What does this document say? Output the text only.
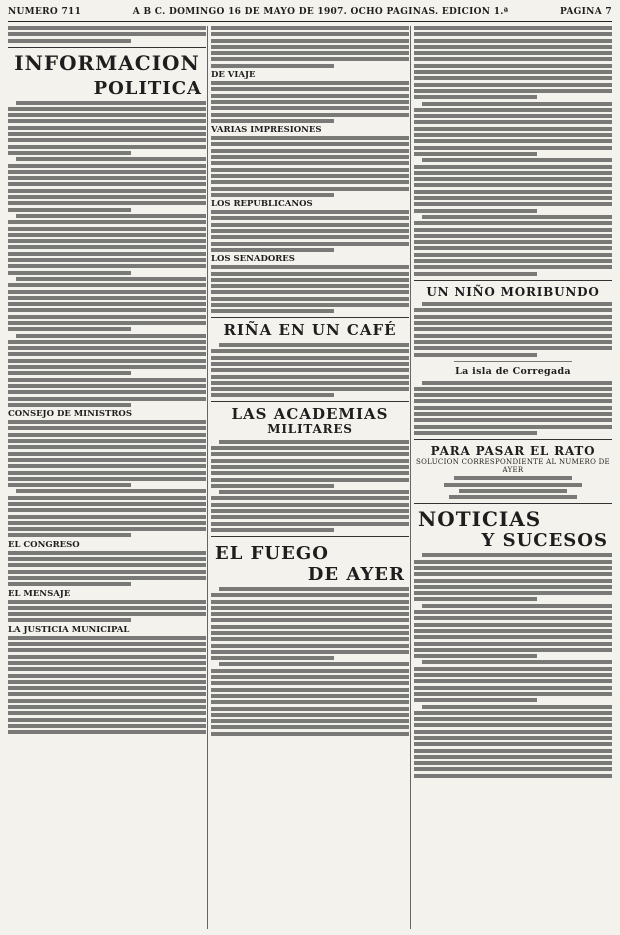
NUMERO 711	A B C. DOMINGO 16 DE MAYO DE 1907. OCHO PAGINAS. EDICION 1.ª	PAGINA 7
INFORMACION
POLITICA
CONSEJO DE MINISTROS
EL CONGRESO
EL MENSAJE
LA JUSTICIA MUNICIPAL
DE VIAJE
VARIAS IMPRESIONES
LOS REPUBLICANOS
LOS SENADORES
RIÑA EN UN CAFÉ
LAS ACADEMIAS
MILITARES
EL FUEGO
DE AYER
UN NIÑO MORIBUNDO
La isla de Corregada
PARA PASAR EL RATO
SOLUCION CORRESPONDIENTE AL NUMERO DE AYER
NOTICIAS
Y SUCESOS
